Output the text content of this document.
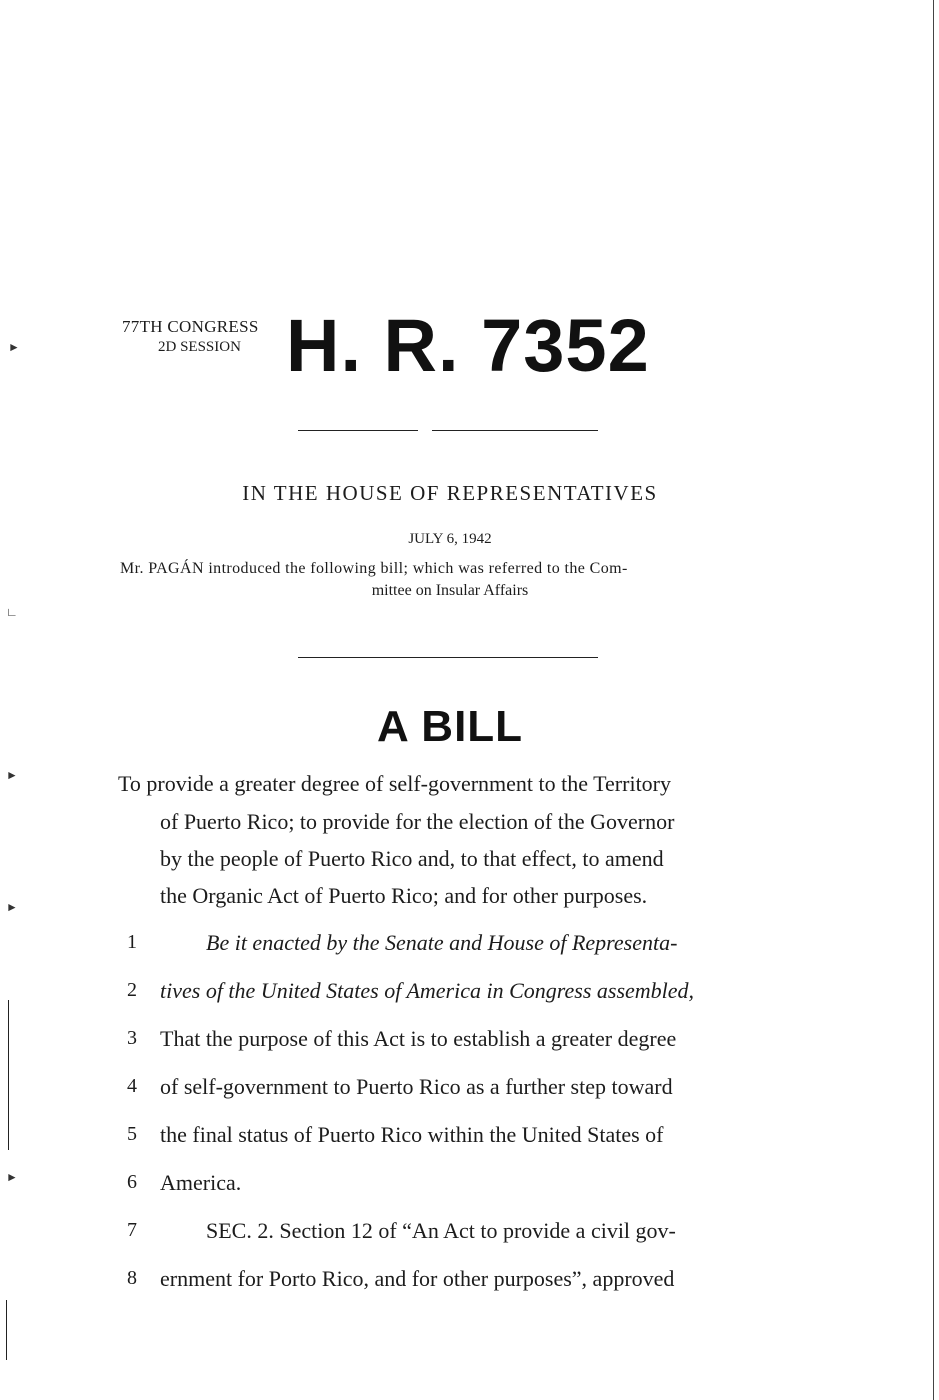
77TH CONGRESS
2D SESSION H. R. 7352
IN THE HOUSE OF REPRESENTATIVES
JULY 6, 1942
Mr. PAGÁN introduced the following bill; which was referred to the Com-
mittee on Insular Affairs
A BILL
To provide a greater degree of self-government to the Territory
of Puerto Rico; to provide for the election of the Governor
by the people of Puerto Rico and, to that effect, to amend
the Organic Act of Puerto Rico; and for other purposes.
1	Be it enacted by the Senate and House of Representa-
2 tives of the United States of America in Congress assembled,
3 That the purpose of this Act is to establish a greater degree
4 of self-government to Puerto Rico as a further step toward
5 the final status of Puerto Rico within the United States of
6 America.
7	SEC. 2. Section 12 of “An Act to provide a civil gov-
8 ernment for Porto Rico, and for other purposes”, approved
►
∟
►
►
►
